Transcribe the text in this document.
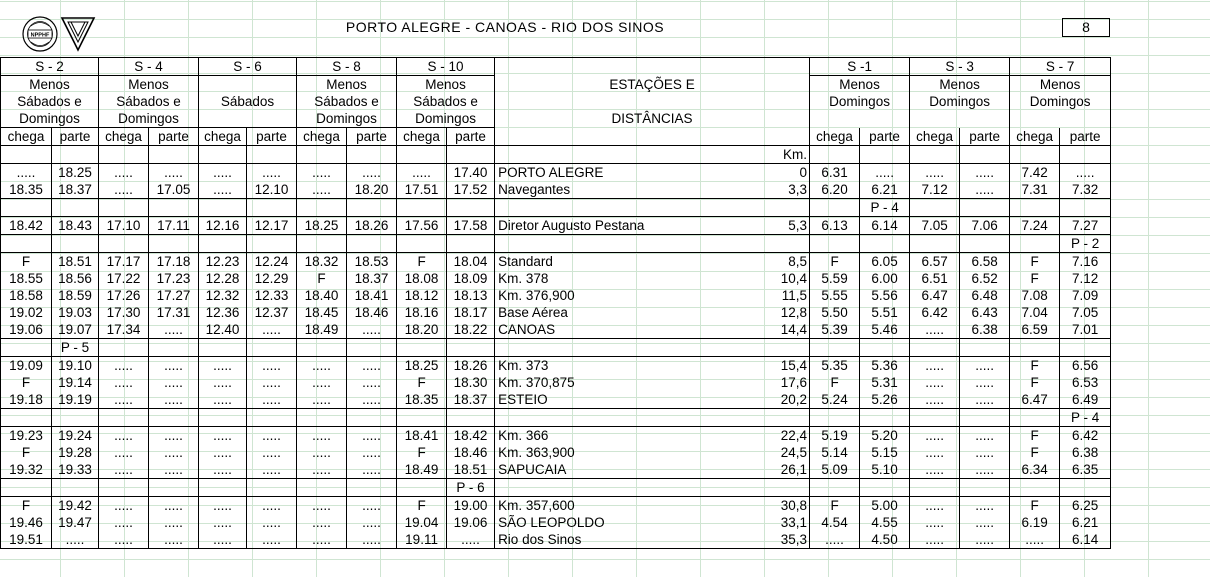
NPPHF
PORTO ALEGRE - CANOAS - RIO DOS SINOS	8
S - 2		S - 4		S - 6		S - 8		S - 10				S -1		S - 3		S - 7	
Menos		Menos				Menos		Menos		ESTAÇÕES E		Menos		Menos		Menos	
Sábados e		Sábados e		Sábados		Sábados e		Sábados e				Domingos		Domingos		Domingos	
Domingos		Domingos				Domingos		Domingos		DISTÂNCIAS							
chega	parte	chega	parte	chega	parte	chega	parte	chega	parte			chega	parte	chega	parte	chega	parte
											Km.						
.....	18.25	.....	.....	.....	.....	.....	.....	.....	17.40	PORTO ALEGRE	0	6.31	.....	.....	.....	7.42	.....
18.35	18.37	.....	17.05	.....	12.10	.....	18.20	17.51	17.52	Navegantes	3,3	6.20	6.21	7.12	.....	7.31	7.32
													P - 4				
18.42	18.43	17.10	17.11	12.16	12.17	18.25	18.26	17.56	17.58	Diretor Augusto Pestana	5,3	6.13	6.14	7.05	7.06	7.24	7.27
																	P - 2
F	18.51	17.17	17.18	12.23	12.24	18.32	18.53	F	18.04	Standard	8,5	F	6.05	6.57	6.58	F	7.16
18.55	18.56	17.22	17.23	12.28	12.29	F	18.37	18.08	18.09	Km. 378	10,4	5.59	6.00	6.51	6.52	F	7.12
18.58	18.59	17.26	17.27	12.32	12.33	18.40	18.41	18.12	18.13	Km. 376,900	11,5	5.55	5.56	6.47	6.48	7.08	7.09
19.02	19.03	17.30	17.31	12.36	12.37	18.45	18.46	18.16	18.17	Base Aérea	12,8	5.50	5.51	6.42	6.43	7.04	7.05
19.06	19.07	17.34	.....	12.40	.....	18.49	.....	18.20	18.22	CANOAS	14,4	5.39	5.46	.....	6.38	6.59	7.01
	P - 5																
19.09	19.10	.....	.....	.....	.....	.....	.....	18.25	18.26	Km. 373	15,4	5.35	5.36	.....	.....	F	6.56
F	19.14	.....	.....	.....	.....	.....	.....	F	18.30	Km. 370,875	17,6	F	5.31	.....	.....	F	6.53
19.18	19.19	.....	.....	.....	.....	.....	.....	18.35	18.37	ESTEIO	20,2	5.24	5.26	.....	.....	6.47	6.49
																	P - 4
19.23	19.24	.....	.....	.....	.....	.....	.....	18.41	18.42	Km. 366	22,4	5.19	5.20	.....	.....	F	6.42
F	19.28	.....	.....	.....	.....	.....	.....	F	18.46	Km. 363,900	24,5	5.14	5.15	.....	.....	F	6.38
19.32	19.33	.....	.....	.....	.....	.....	.....	18.49	18.51	SAPUCAIA	26,1	5.09	5.10	.....	.....	6.34	6.35
									P - 6								
F	19.42	.....	.....	.....	.....	.....	.....	F	19.00	Km. 357,600	30,8	F	5.00	.....	.....	F	6.25
19.46	19.47	.....	.....	.....	.....	.....	.....	19.04	19.06	SÃO LEOPOLDO	33,1	4.54	4.55	.....	.....	6.19	6.21
19.51	.....	.....	.....	.....	.....	.....	.....	19.11	.....	Rio dos Sinos	35,3	.....	4.50	.....	.....	.....	6.14
